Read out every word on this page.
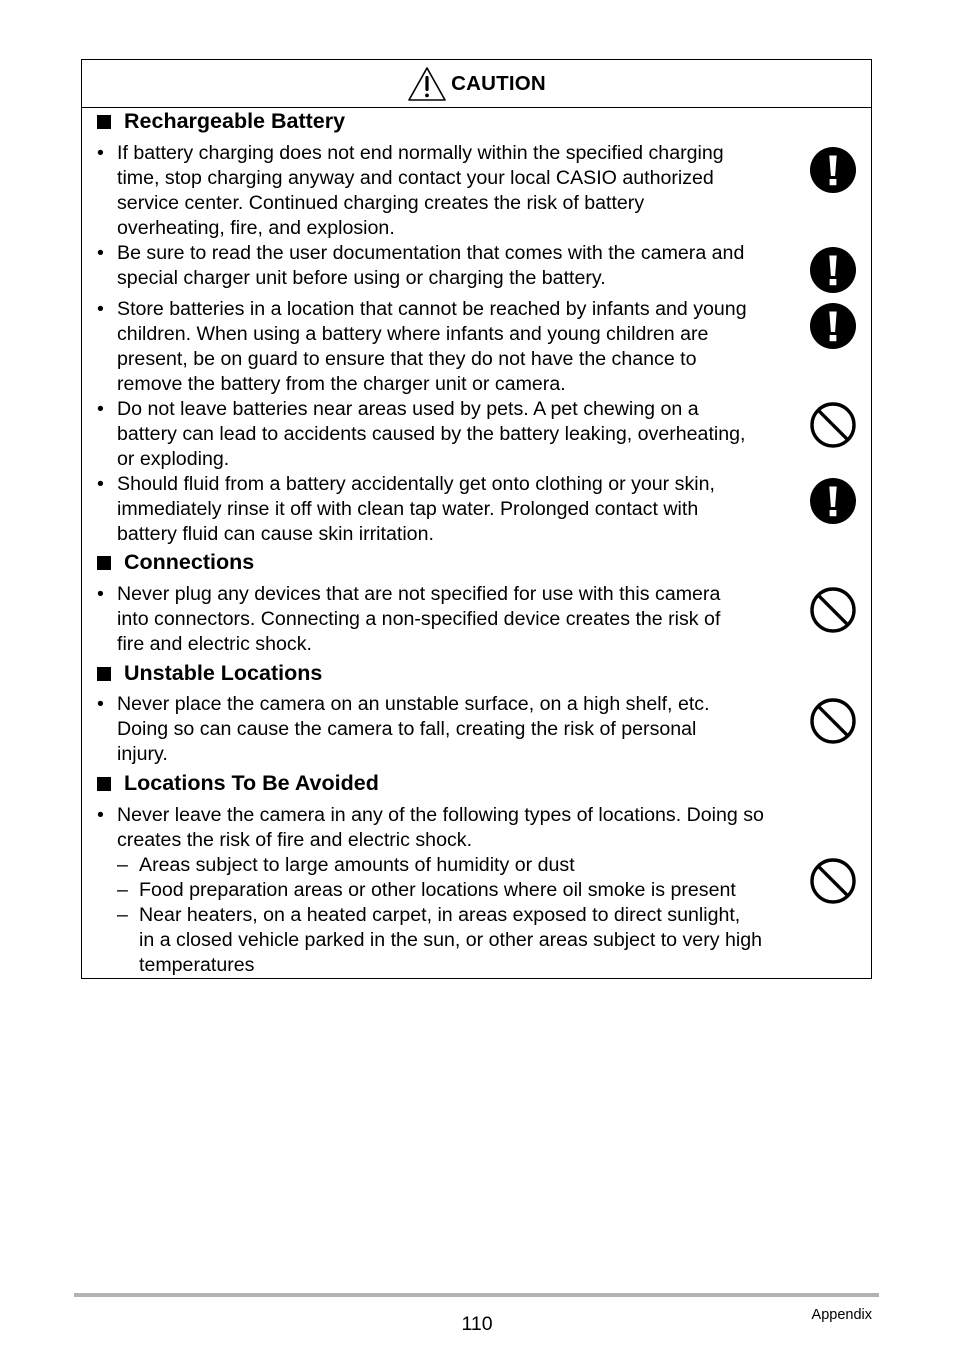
CAUTION
Rechargeable Battery
• If battery charging does not end normally within the specified charging
time, stop charging anyway and contact your local CASIO authorized
service center. Continued charging creates the risk of battery
overheating, fire, and explosion.
• Be sure to read the user documentation that comes with the camera and
special charger unit before using or charging the battery.
• Store batteries in a location that cannot be reached by infants and young
children. When using a battery where infants and young children are
present, be on guard to ensure that they do not have the chance to
remove the battery from the charger unit or camera.
• Do not leave batteries near areas used by pets. A pet chewing on a
battery can lead to accidents caused by the battery leaking, overheating,
or exploding.
• Should fluid from a battery accidentally get onto clothing or your skin,
immediately rinse it off with clean tap water. Prolonged contact with
battery fluid can cause skin irritation.
Connections
• Never plug any devices that are not specified for use with this camera
into connectors. Connecting a non-specified device creates the risk of
fire and electric shock.
Unstable Locations
• Never place the camera on an unstable surface, on a high shelf, etc.
Doing so can cause the camera to fall, creating the risk of personal
injury.
Locations To Be Avoided
• Never leave the camera in any of the following types of locations. Doing so
creates the risk of fire and electric shock.
– Areas subject to large amounts of humidity or dust
– Food preparation areas or other locations where oil smoke is present
– Near heaters, on a heated carpet, in areas exposed to direct sunlight,
in a closed vehicle parked in the sun, or other areas subject to very high
temperatures
110	Appendix
